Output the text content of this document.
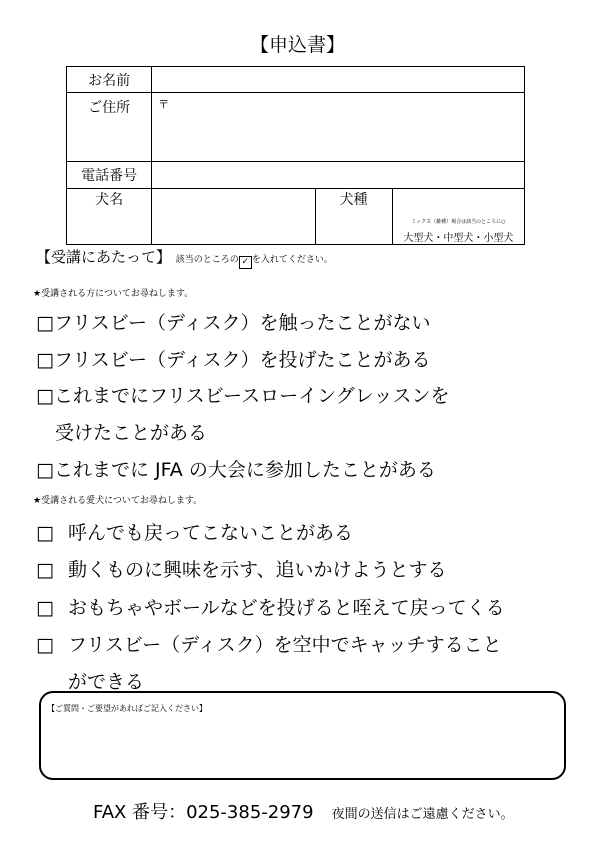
【申込書】
お名前			
ご住所	〒		
電話番号			
犬名		犬種	ミックス（雑種）場合は該当のところに○
大型犬・中型犬・小型犬
【受講にあたって】 該当のところの ✓ を入れてください。
★受講される方についてお尋ねします。
□フリスビー（ディスク）を触ったことがない
□フリスビー（ディスク）を投げたことがある
□これまでにフリスビースローイングレッスンを
　受けたことがある
□これまでに JFA の大会に参加したことがある
★受講される愛犬についてお尋ねします。
□ 呼んでも戻ってこないことがある
□ 動くものに興味を示す、追いかけようとする
□ おもちゃやボールなどを投げると咥えて戻ってくる
□ フリスビー（ディスク）を空中でキャッチすること
ができる
【ご質問・ご要望があればご記入ください】
FAX 番号：025-385-2979 夜間の送信はご遠慮ください。
